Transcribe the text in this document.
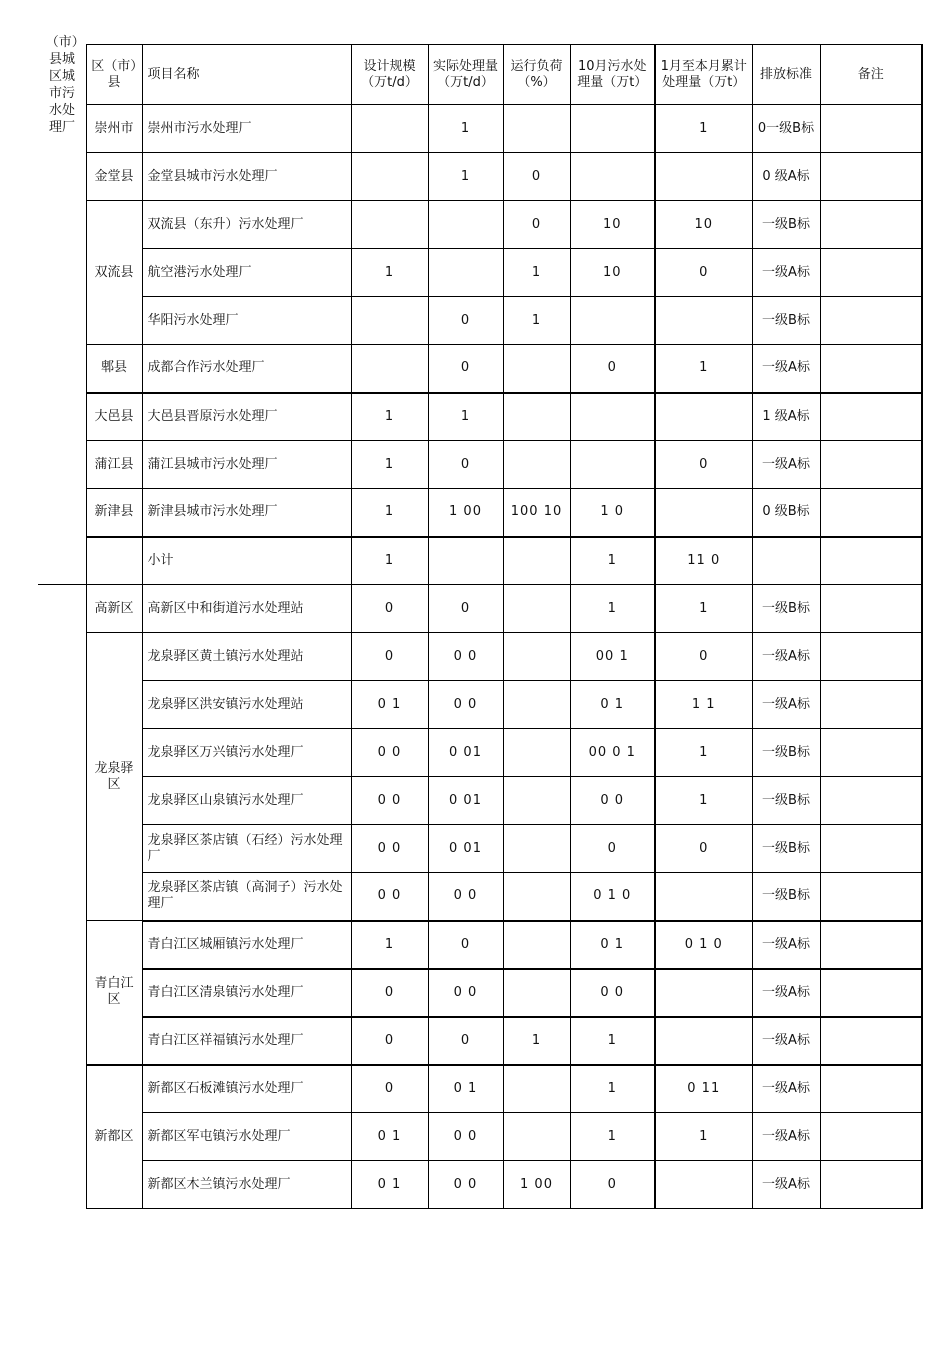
（市）县城区城市污水处理厂
	区（市）县	项目名称	设计规模（万t/d）	实际处理量（万t/d）	运行负荷（%）	10月污水处理量（万t）	1月至本月累计处理量（万t）	排放标准	备注
	崇州市	崇州市污水处理厂		1			1	0一级B标	
	金堂县	金堂县城市污水处理厂		1	0			0 级A标	
	双流县	双流县（东升）污水处理厂			0	10	10	一级B标	
		航空港污水处理厂	1		1	10	0	一级A标	
		华阳污水处理厂		0	1			一级B标	
	郫县	成都合作污水处理厂		0		0	1	一级A标	
	大邑县	大邑县晋原污水处理厂	1	1				1 级A标	
	蒲江县	蒲江县城市污水处理厂	1	0			0	一级A标	
	新津县	新津县城市污水处理厂	1	1 00	100 10	1 0		0 级B标	
		小计	1			1	11 0		
	高新区	高新区中和街道污水处理站	0	0		1	1	一级B标	
	龙泉驿区	龙泉驿区黄土镇污水处理站	0	0 0		00 1	0	一级A标	
		龙泉驿区洪安镇污水处理站	0 1	0 0		0 1	1 1	一级A标	
		龙泉驿区万兴镇污水处理厂	0 0	0 01		00 0 1	1	一级B标	
		龙泉驿区山泉镇污水处理厂	0 0	0 01		0 0	1	一级B标	
		龙泉驿区茶店镇（石经）污水处理厂	0 0	0 01		0	0	一级B标	
		龙泉驿区茶店镇（高洞子）污水处理厂	0 0	0 0		0 1 0		一级B标	
	青白江区	青白江区城厢镇污水处理厂	1	0		0 1	0 1 0	一级A标	
		青白江区清泉镇污水处理厂	0	0 0		0 0		一级A标	
		青白江区祥福镇污水处理厂	0	0	1	1		一级A标	
	新都区	新都区石板滩镇污水处理厂	0	0 1		1	0 11	一级A标	
		新都区军屯镇污水处理厂	0 1	0 0		1	1	一级A标	
		新都区木兰镇污水处理厂	0 1	0 0	1 00	0		一级A标	
